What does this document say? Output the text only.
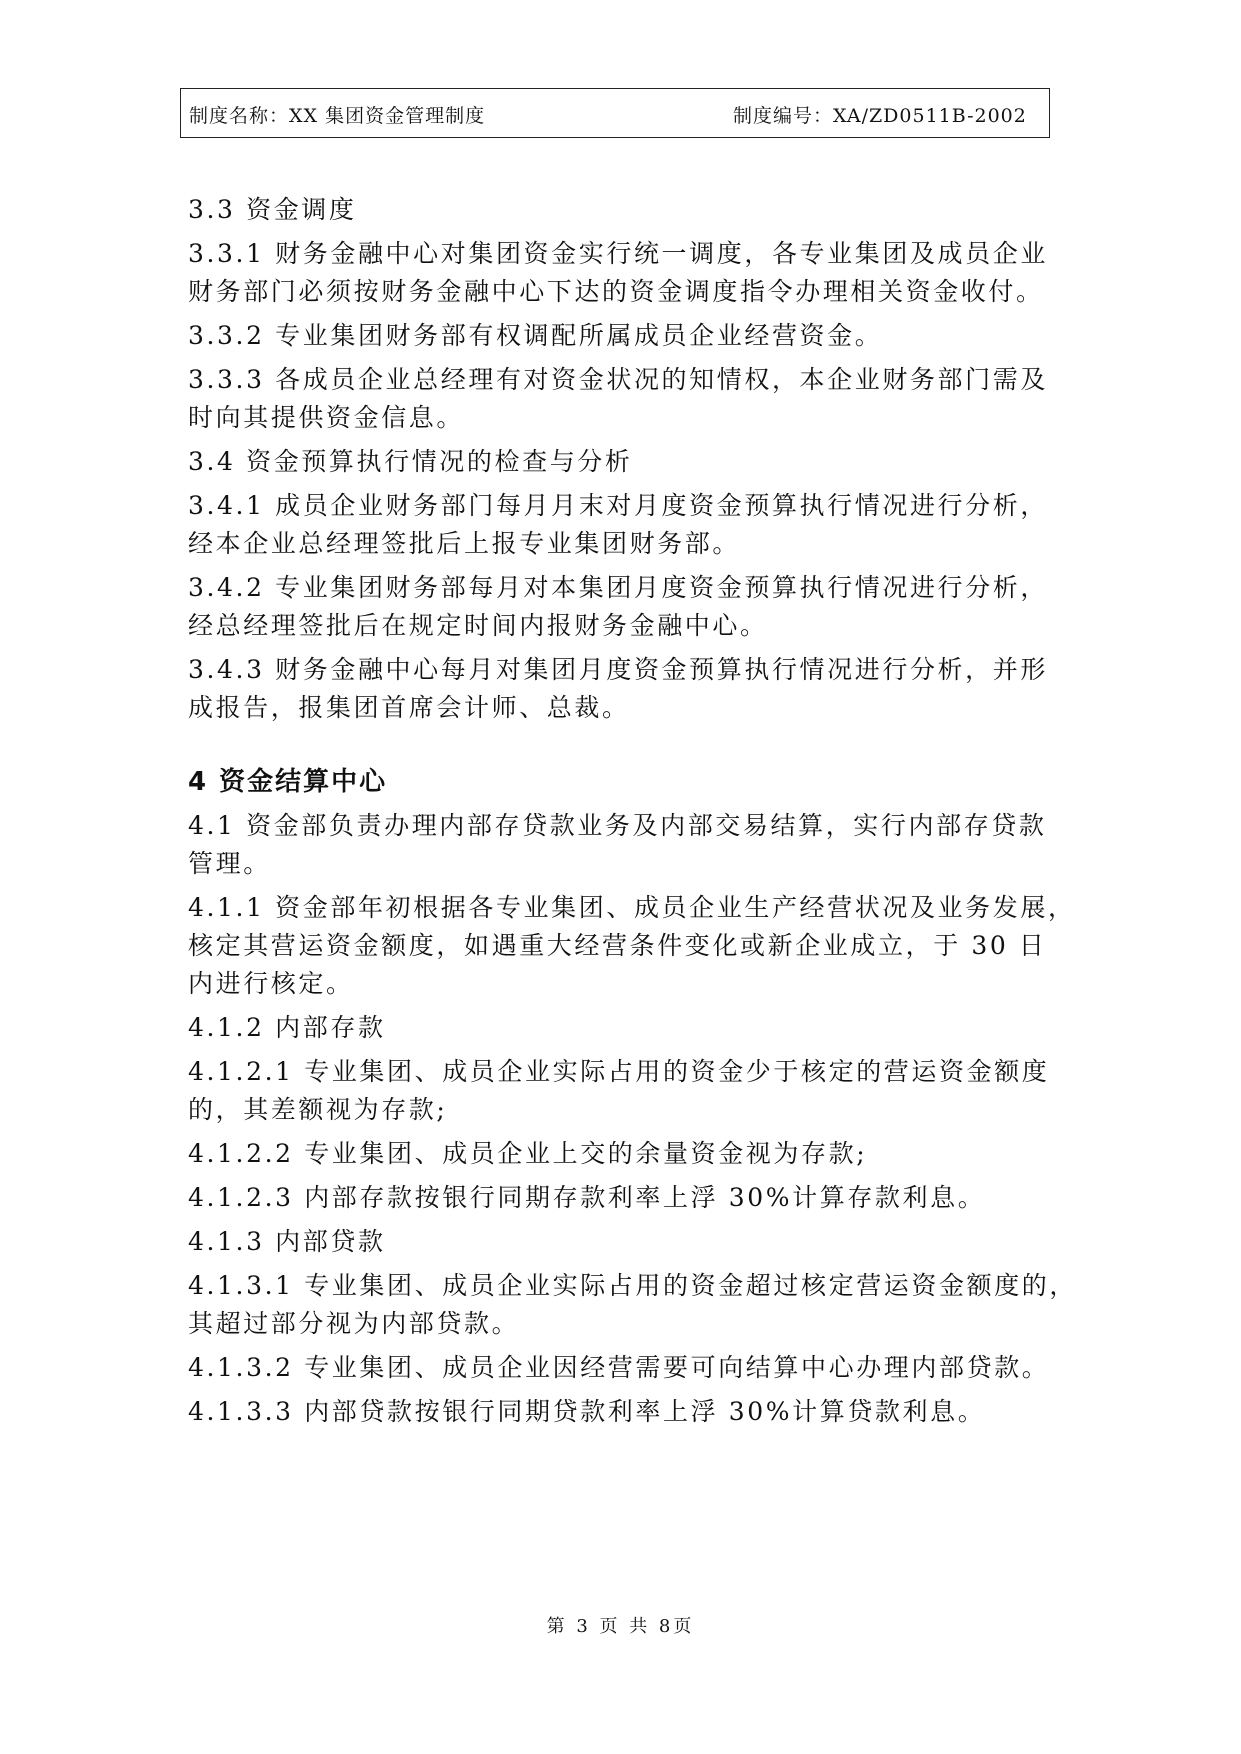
制度名称：XX 集团资金管理制度	制度编号：XA/ZD0511B-2002
3.3 资金调度
3.3.1 财务金融中心对集团资金实行统一调度，各专业集团及成员企业
财务部门必须按财务金融中心下达的资金调度指令办理相关资金收付。
3.3.2 专业集团财务部有权调配所属成员企业经营资金。
3.3.3 各成员企业总经理有对资金状况的知情权，本企业财务部门需及
时向其提供资金信息。
3.4 资金预算执行情况的检查与分析
3.4.1 成员企业财务部门每月月末对月度资金预算执行情况进行分析，
经本企业总经理签批后上报专业集团财务部。
3.4.2 专业集团财务部每月对本集团月度资金预算执行情况进行分析，
经总经理签批后在规定时间内报财务金融中心。
3.4.3 财务金融中心每月对集团月度资金预算执行情况进行分析，并形
成报告，报集团首席会计师、总裁。
4 资金结算中心
4.1 资金部负责办理内部存贷款业务及内部交易结算，实行内部存贷款
管理。
4.1.1 资金部年初根据各专业集团、成员企业生产经营状况及业务发展，
核定其营运资金额度，如遇重大经营条件变化或新企业成立，于 30 日
内进行核定。
4.1.2 内部存款
4.1.2.1 专业集团、成员企业实际占用的资金少于核定的营运资金额度
的，其差额视为存款;
4.1.2.2 专业集团、成员企业上交的余量资金视为存款;
4.1.2.3 内部存款按银行同期存款利率上浮 30%计算存款利息。
4.1.3 内部贷款
4.1.3.1 专业集团、成员企业实际占用的资金超过核定营运资金额度的，
其超过部分视为内部贷款。
4.1.3.2 专业集团、成员企业因经营需要可向结算中心办理内部贷款。
4.1.3.3 内部贷款按银行同期贷款利率上浮 30%计算贷款利息。
第 3 页 共 8页
